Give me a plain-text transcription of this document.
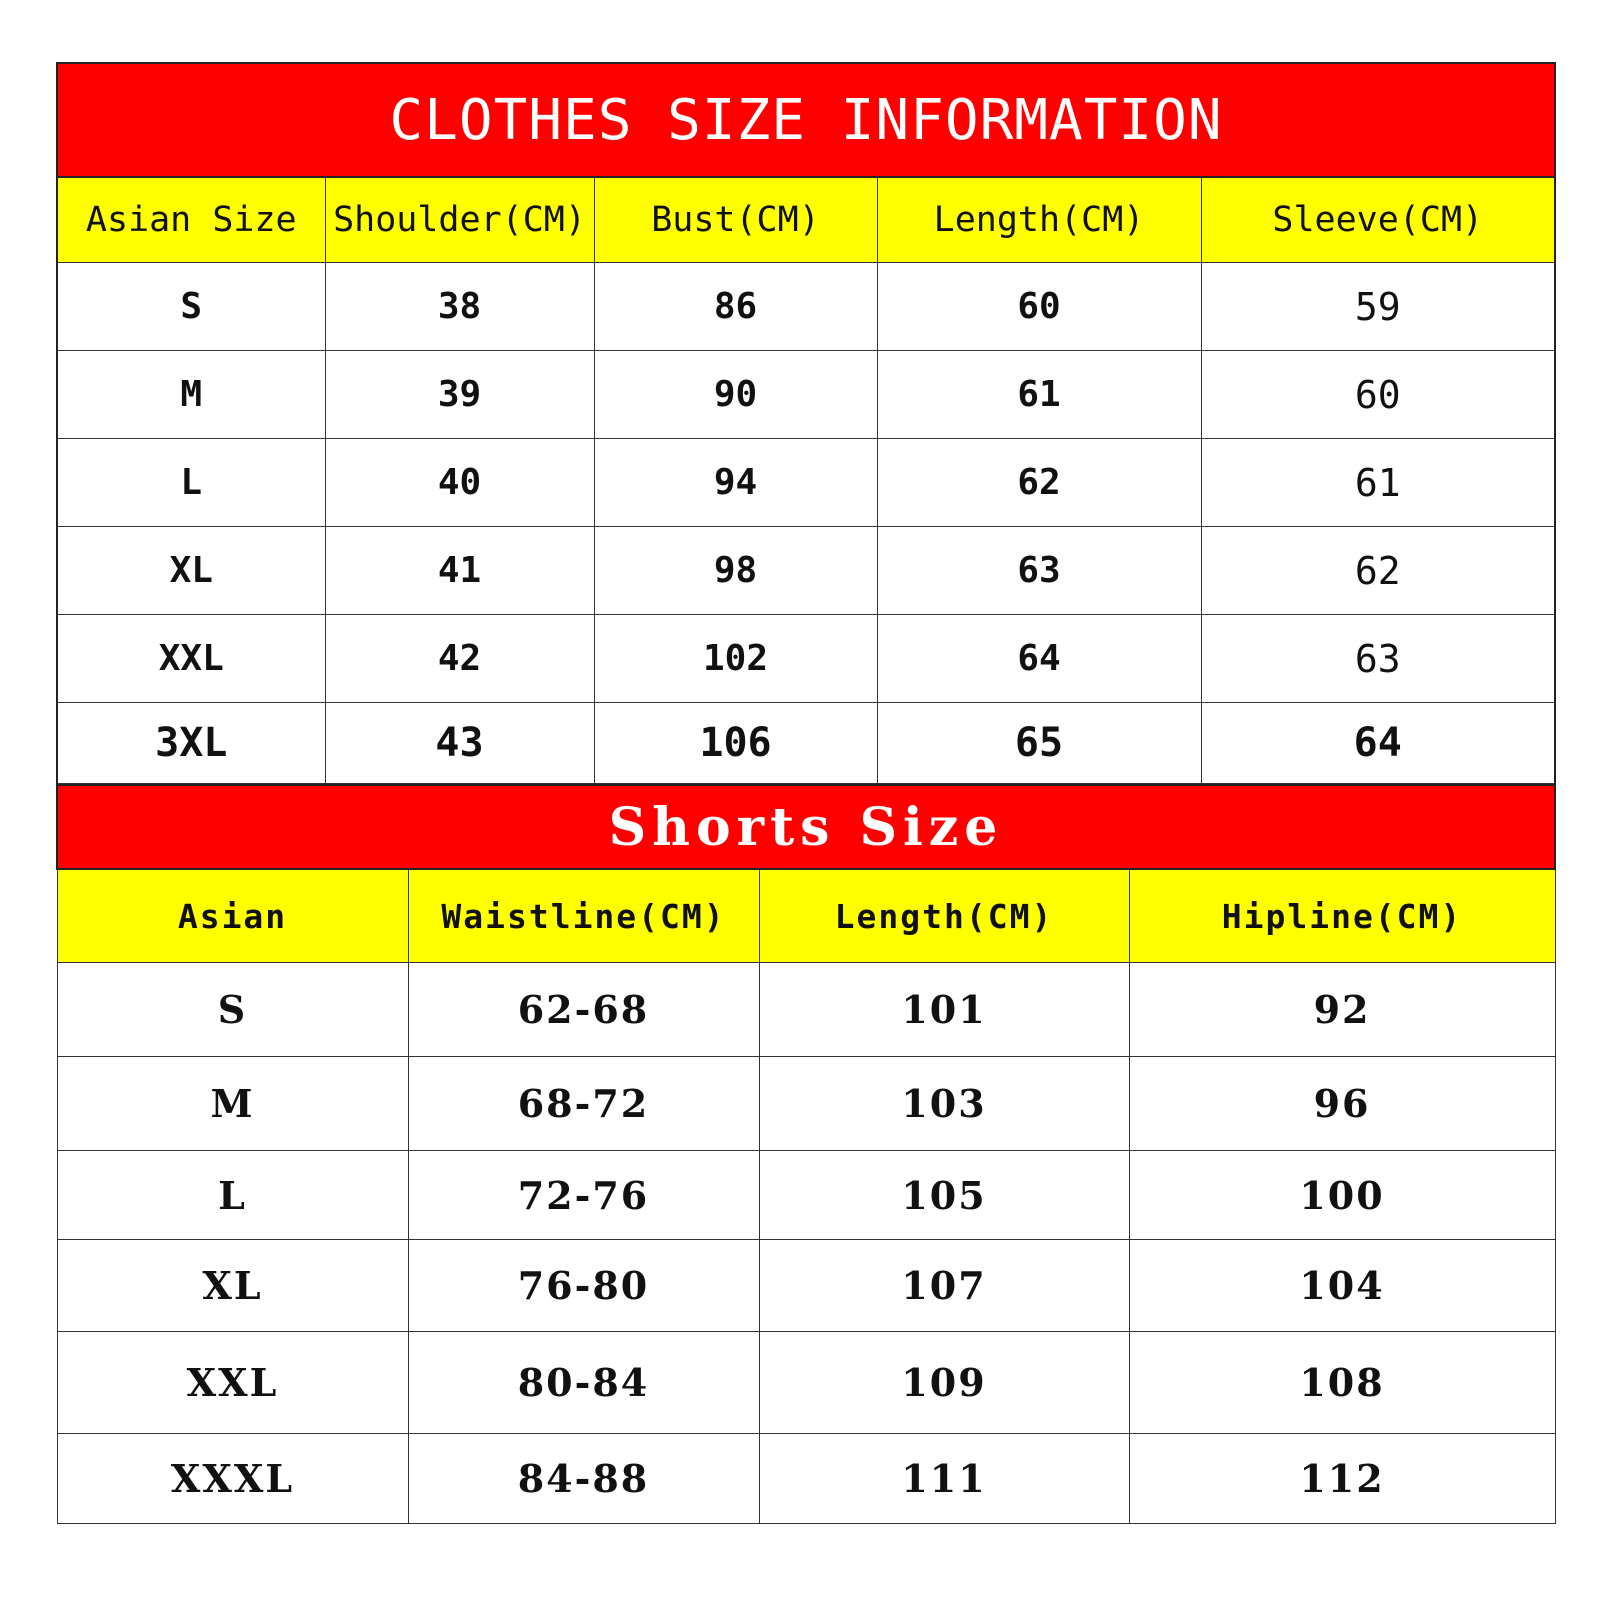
CLOTHES SIZE INFORMATION				
Asian Size	Shoulder(CM)	Bust(CM)	Length(CM)	Sleeve(CM)
S	38	86	60	59
M	39	90	61	60
L	40	94	62	61
XL	41	98	63	62
XXL	42	102	64	63
3XL	43	106	65	64
Shorts Size			
Asian	Waistline(CM)	Length(CM)	Hipline(CM)
S	62-68	101	92
M	68-72	103	96
L	72-76	105	100
XL	76-80	107	104
XXL	80-84	109	108
XXXL	84-88	111	112
